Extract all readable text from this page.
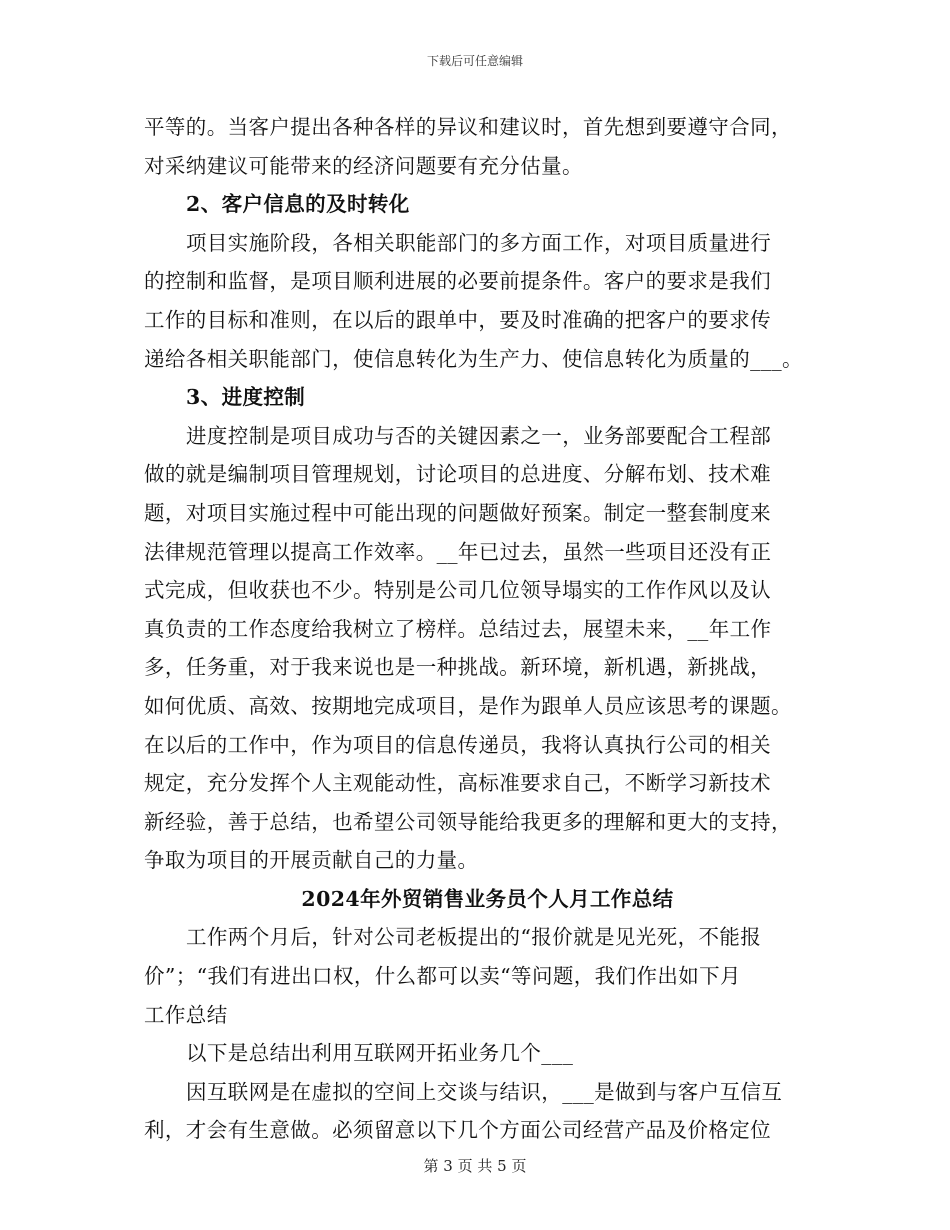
下载后可任意编辑
平等的。当客户提出各种各样的异议和建议时，首先想到要遵守合同，
对采纳建议可能带来的经济问题要有充分估量。
2、客户信息的及时转化
项目实施阶段，各相关职能部门的多方面工作，对项目质量进行
的控制和监督，是项目顺利进展的必要前提条件。客户的要求是我们
工作的目标和准则，在以后的跟单中，要及时准确的把客户的要求传
递给各相关职能部门，使信息转化为生产力、使信息转化为质量的___。
3、进度控制
进度控制是项目成功与否的关键因素之一，业务部要配合工程部
做的就是编制项目管理规划，讨论项目的总进度、分解布划、技术难
题，对项目实施过程中可能出现的问题做好预案。制定一整套制度来
法律规范管理以提高工作效率。__年已过去，虽然一些项目还没有正
式完成，但收获也不少。特别是公司几位领导塌实的工作作风以及认
真负责的工作态度给我树立了榜样。总结过去，展望未来，__年工作
多，任务重，对于我来说也是一种挑战。新环境，新机遇，新挑战，
如何优质、高效、按期地完成项目，是作为跟单人员应该思考的课题。
在以后的工作中，作为项目的信息传递员，我将认真执行公司的相关
规定，充分发挥个人主观能动性，高标准要求自己，不断学习新技术
新经验，善于总结，也希望公司领导能给我更多的理解和更大的支持，
争取为项目的开展贡献自己的力量。
2024年外贸销售业务员个人月工作总结
工作两个月后，针对公司老板提出的“报价就是见光死，不能报
价”；“我们有进出口权，什么都可以卖“等问题，我们作出如下月
工作总结
以下是总结出利用互联网开拓业务几个___
因互联网是在虚拟的空间上交谈与结识，___是做到与客户互信互
利，才会有生意做。必须留意以下几个方面公司经营产品及价格定位
第 3 页 共 5 页
